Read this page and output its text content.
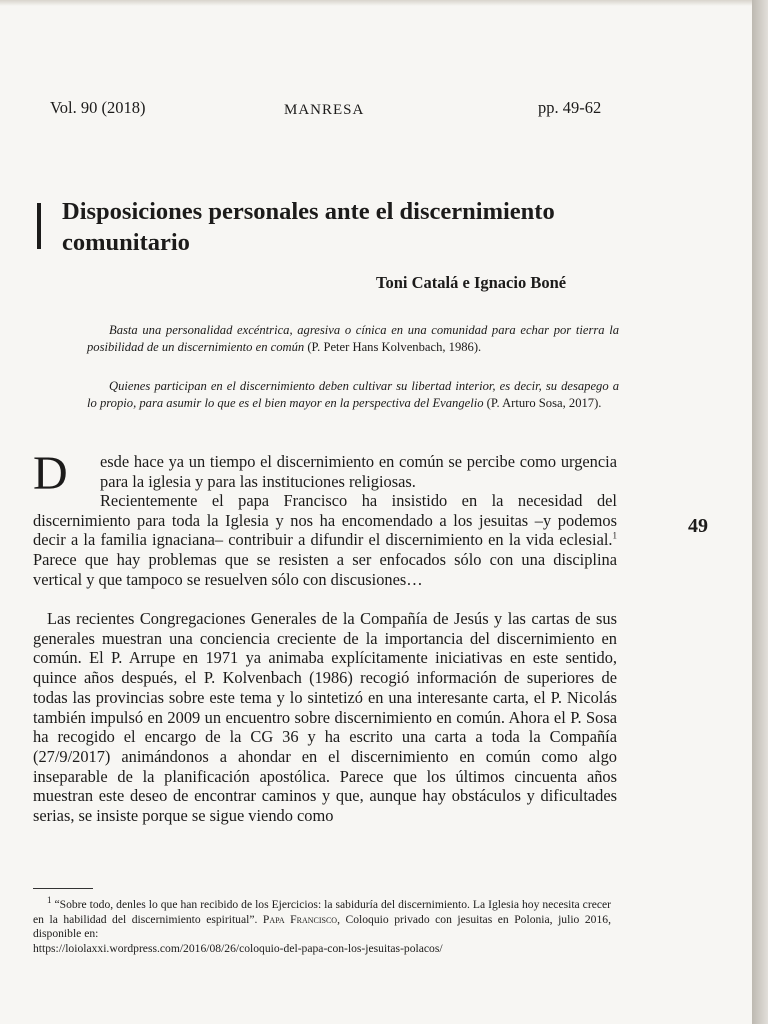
Vol. 90 (2018)	MANRESA	pp. 49-62
Disposiciones personales ante el discernimiento comunitario
Toni Catalá e Ignacio Boné

Basta una personalidad excéntrica, agresiva o cínica en una comunidad para echar por tierra la posibilidad de un discernimiento en común (P. Peter Hans Kolvenbach, 1986).

Quienes participan en el discernimiento deben cultivar su libertad interior, es decir, su desapego a lo propio, para asumir lo que es el bien mayor en la perspectiva del Evangelio (P. Arturo Sosa, 2017).

D esde hace ya un tiempo el discernimiento en común se percibe como urgencia para la iglesia y para las instituciones religiosas.

Recientemente el papa Francisco ha insistido en la necesidad del discernimiento para toda la Iglesia y nos ha encomendado a los jesuitas –y podemos decir a la familia ignaciana– contribuir a difundir el discernimiento en la vida eclesial.$^1$ Parece que hay problemas que se resisten a ser enfocados sólo con una disciplina vertical y que tampoco se resuelven sólo con discusiones…

Las recientes Congregaciones Generales de la Compañía de Jesús y las cartas de sus generales muestran una conciencia creciente de la importancia del discernimiento en común. El P. Arrupe en 1971 ya animaba explícitamente iniciativas en este sentido, quince años después, el P. Kolvenbach (1986) recogió información de superiores de todas las provincias sobre este tema y lo sintetizó en una interesante carta, el P. Nicolás también impulsó en 2009 un encuentro sobre discernimiento en común. Ahora el P. Sosa ha recogido el encargo de la CG 36 y ha escrito una carta a toda la Compañía (27/9/2017) animándonos a ahondar en el discernimiento en común como algo inseparable de la planificación apostólica. Parece que los últimos cincuenta años muestran este deseo de encontrar caminos y que, aunque hay obstáculos y dificultades serias, se insiste porque se sigue viendo como

49

$^1$ “Sobre todo, denles lo que han recibido de los Ejercicios: la sabiduría del discernimiento. La Iglesia hoy necesita crecer en la habilidad del discernimiento espiritual”. Papa Francisco, Coloquio privado con jesuitas en Polonia, julio 2016, disponible en:
https://loiolaxxi.wordpress.com/2016/08/26/coloquio-del-papa-con-los-jesuitas-polacos/
